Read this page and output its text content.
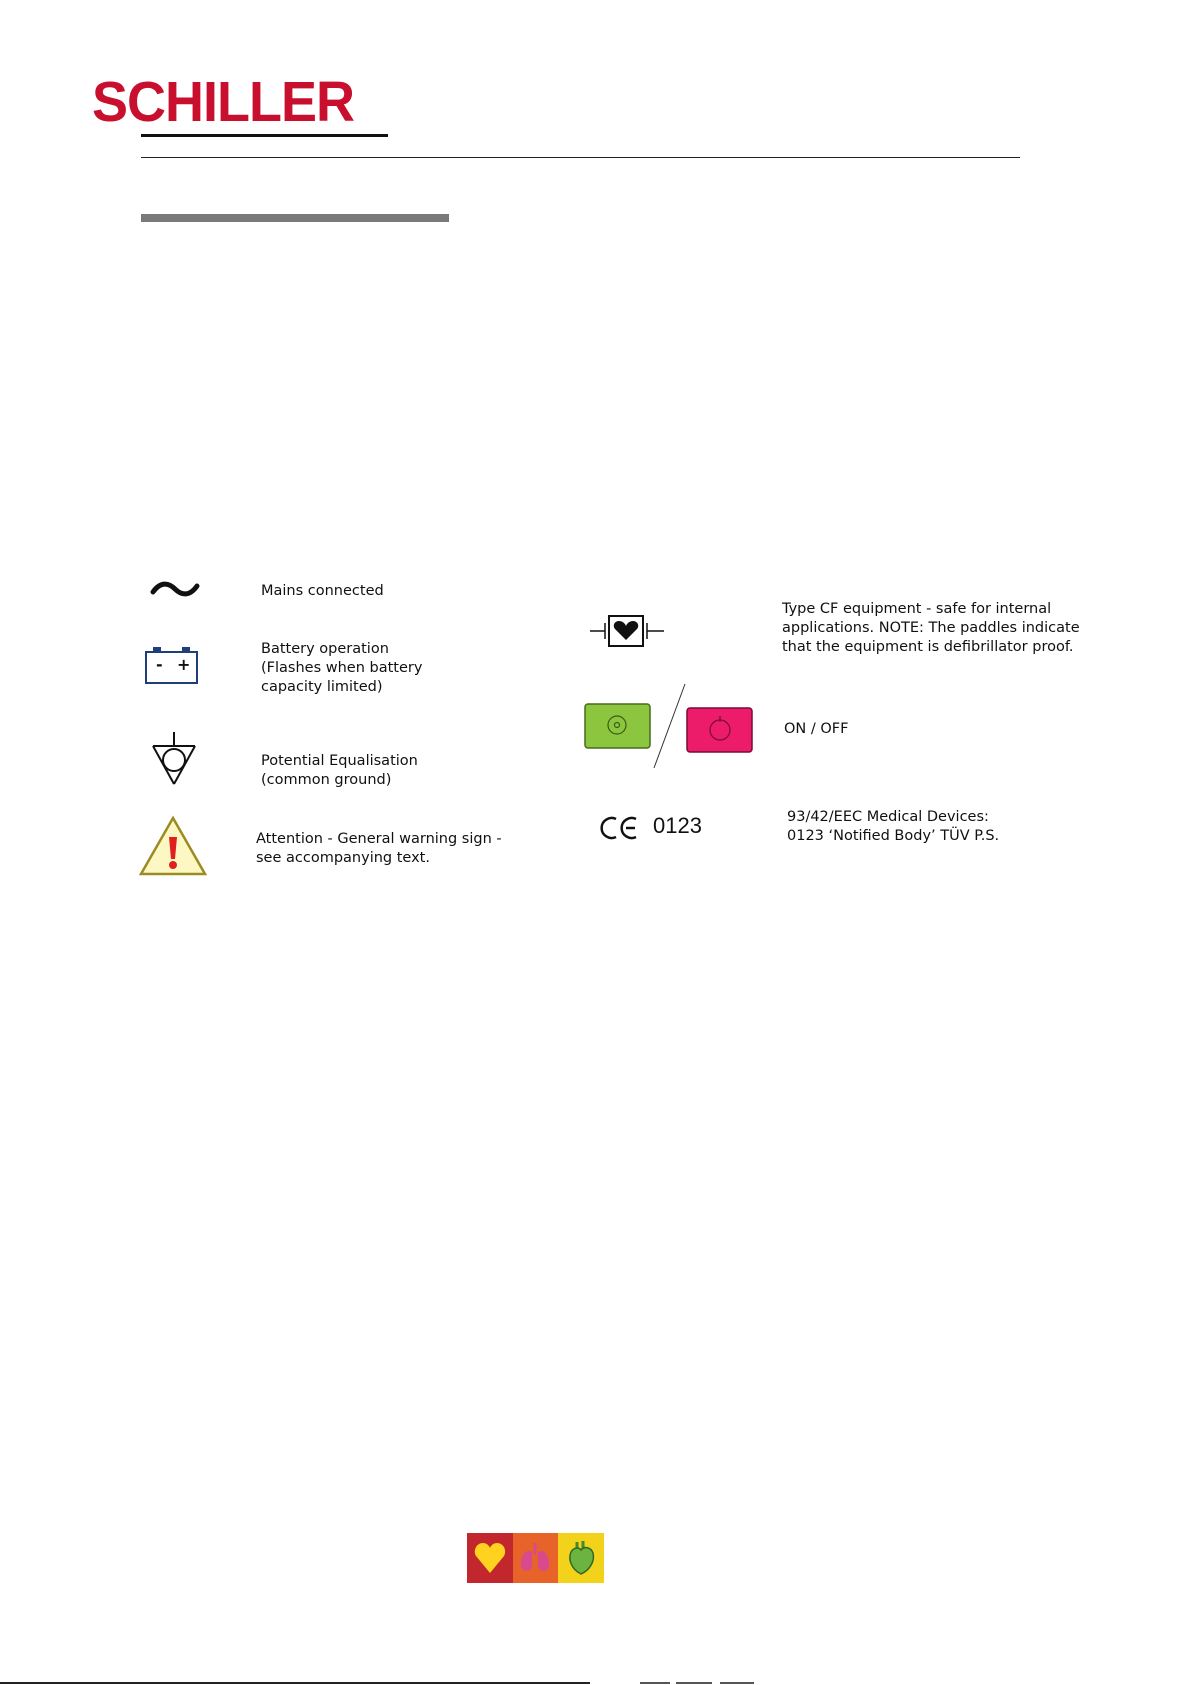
SCHILLER
Mains connected
- +
Battery operation
(Flashes when battery
capacity limited)
Potential Equalisation
(common ground)
Attention - General warning sign -
see accompanying text.
Type CF equipment - safe for internal
applications. NOTE: The paddles indicate
that the equipment is defibrillator proof.
ON / OFF
0123	93/42/EEC Medical Devices:
0123 ‘Notified Body’ TÜV P.S.
